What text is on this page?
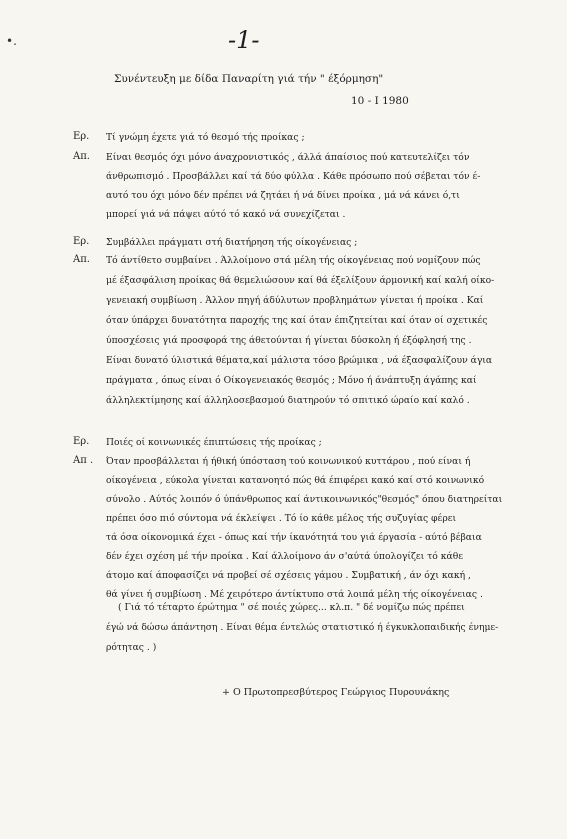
•.	-1-
Συνέντευξη με δίδα Παναρίτη γιά τήν " έξόρμηση"
10 - I 1980
Ερ. Τί γνώμη έχετε γιά τό θεσμό τής προίκας ;
Απ. Είναι θεσμός όχι μόνο άναχρονιστικός , άλλά άπαίσιος πού κατευτελίζει τόν
άνθρωπισμό . Προσβάλλει καί τά δύο φύλλα . Κάθε πρόσωπο πού σέβεται τόν έ-
αυτό του όχι μόνο δέν πρέπει νά ζητάει ή νά δίνει προίκα , μά νά κάνει ό,τι
μπορεί γιά νά πάψει αύτό τό κακό νά συνεχίζεται .
Ερ. Συμβάλλει πράγματι στή διατήρηση τής οίκογένειας ;
Απ. Τό άντίθετο συμβαίνει . Άλλοίμονο στά μέλη τής οίκογένειας πού νομίζουν πώς
μέ έξασφάλιση προίκας θά θεμελιώσουν καί θά έξελίξουν άρμονική καί καλή οίκο-
γενειακή συμβίωση . Άλλον πηγή άδύλυτων προβλημάτων γίνεται ή προίκα . Καί
όταν ύπάρχει δυνατότητα παροχής της καί όταν έπιζητείται καί όταν οί σχετικές
ύποσχέσεις γιά προσφορά της άθετούνται ή γίνεται δύσκολη ή έξόφλησή της .
Είναι δυνατό ύλιστικά θέματα,καί μάλιστα τόσο βρώμικα , νά έξασφαλίζουν άγια
πράγματα , όπως είναι ό Οίκογενειακός θεσμός ; Μόνο ή άνάπτυξη άγάπης καί
άλληλεκτίμησης καί άλληλοσεβασμού διατηρούν τό σπιτικό ώραίο καί καλό .
Ερ. Ποιές οί κοινωνικές έπιπτώσεις τής προίκας ;
Απ . Όταν προσβάλλεται ή ήθική ύπόσταση τού κοινωνικού κυττάρου , πού είναι ή
οίκογένεια , εύκολα γίνεται κατανοητό πώς θά έπιφέρει κακό καί στό κοινωνικό
σύνολο . Αύτός λοιπόν ό ύπάνθρωπος καί άντικοινωνικός"θεσμός" όπου διατηρείται
πρέπει όσο πιό σύντομα νά έκλείψει . Τό ίο κάθε μέλος τής συζυγίας φέρει
τά όσα οίκονομικά έχει - όπως καί τήν ίκανότητά του γιά έργασία - αύτό βέβαια
δέν έχει σχέση μέ τήν προίκα . Καί άλλοίμονο άν σ'αύτά ύπολογίζει τό κάθε
άτομο καί άποφασίζει νά προβεί σέ σχέσεις γάμου . Συμβατική , άν όχι κακή ,
θά γίνει ή συμβίωση . Μέ χειρότερο άντίκτυπο στά λοιπά μέλη τής οίκογένειας .
( Γιά τό τέταρτο έρώτημα " σέ ποιές χώρες... κλ.π. " δέ νομίζω πώς πρέπει
έγώ νά δώσω άπάντηση . Είναι θέμα έντελώς στατιστικό ή έγκυκλοπαιδικής ένημε-
ρότητας . )
+ Ο Πρωτοπρεσβύτερος Γεώργιος Πυρουνάκης
